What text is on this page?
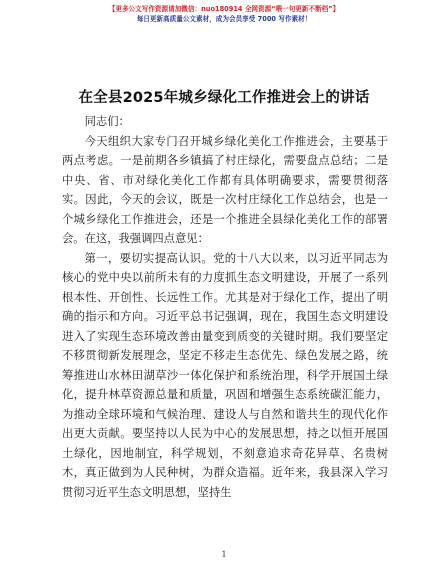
【更多公文写作资源请加微信：nuo180914 全网资源“喂一句更新不断档”】
每日更新高质量公文素材，成为会员享受 7000 写作素材！
在全县2025年城乡绿化工作推进会上的讲话

同志们：

今天组织大家专门召开城乡绿化美化工作推进会，主要基于两点考虑。一是前期各乡镇搞了村庄绿化，需要盘点总结；二是中央、省、市对绿化美化工作都有具体明确要求，需要贯彻落实。因此，今天的会议，既是一次村庄绿化工作总结会，也是一个城乡绿化工作推进会，还是一个推进全县绿化美化工作的部署会。在这，我强调四点意见：

第一，要切实提高认识。党的十八大以来，以习近平同志为核心的党中央以前所未有的力度抓生态文明建设，开展了一系列根本性、开创性、长远性工作。尤其是对于绿化工作，提出了明确的指示和方向。习近平总书记强调，现在，我国生态文明建设进入了实现生态环境改善由量变到质变的关键时期。我们要坚定不移贯彻新发展理念，坚定不移走生态优先、绿色发展之路，统筹推进山水林田湖草沙一体化保护和系统治理，科学开展国土绿化，提升林草资源总量和质量，巩固和增强生态系统碳汇能力，为推动全球环境和气候治理、建设人与自然和谐共生的现代化作出更大贡献。要坚持以人民为中心的发展思想，持之以恒开展国土绿化，因地制宜，科学规划，不刻意追求奇花异草、名贵树木，真正做到为人民种树，为群众造福。近年来，我县深入学习贯彻习近平生态文明思想，坚持生

1
